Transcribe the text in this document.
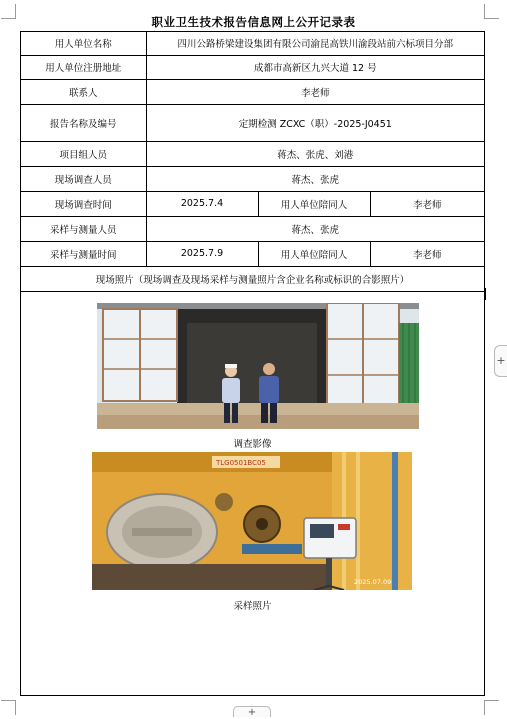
职业卫生技术报告信息网上公开记录表
用人单位名称	四川公路桥梁建设集团有限公司渝昆高铁川渝段站前六标项目分部		
用人单位注册地址	成都市高新区九兴大道 12 号		
联系人	李老师		
报告名称及编号	定期检测 ZCXC（职）-2025-J0451		
项目组人员	蒋杰、张虎、刘港		
现场调查人员	蒋杰、张虎		
现场调查时间	2025.7.4	用人单位陪同人	李老师
采样与测量人员	蒋杰、张虎		
采样与测量时间	2025.7.9	用人单位陪同人	李老师
现场照片（现场调查及现场采样与测量照片含企业名称或标识的合影照片）			
调查影像
TLG0501BC05
2025.07.09
采样照片
+
+
